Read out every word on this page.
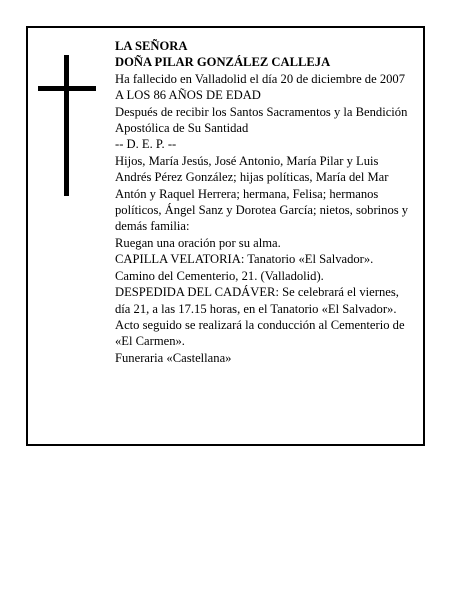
LA SEÑORA

DOÑA PILAR GONZÁLEZ CALLEJA

Ha fallecido en Valladolid el día 20 de diciembre de 2007

A LOS 86 AÑOS DE EDAD

Después de recibir los Santos Sacramentos y la Bendición Apostólica de Su Santidad

-- D. E. P. --

Hijos, María Jesús, José Antonio, María Pilar y Luis Andrés Pérez González; hijas políticas, María del Mar Antón y Raquel Herrera; hermana, Felisa; hermanos políticos, Ángel Sanz y Dorotea García; nietos, sobrinos y demás familia:

Ruegan una oración por su alma.

CAPILLA VELATORIA: Tanatorio «El Salvador». Camino del Cementerio, 21. (Valladolid).

DESPEDIDA DEL CADÁVER: Se celebrará el viernes, día 21, a las 17.15 horas, en el Tanatorio «El Salvador». Acto seguido se realizará la conducción al Cementerio de «El Carmen».

Funeraria «Castellana»
